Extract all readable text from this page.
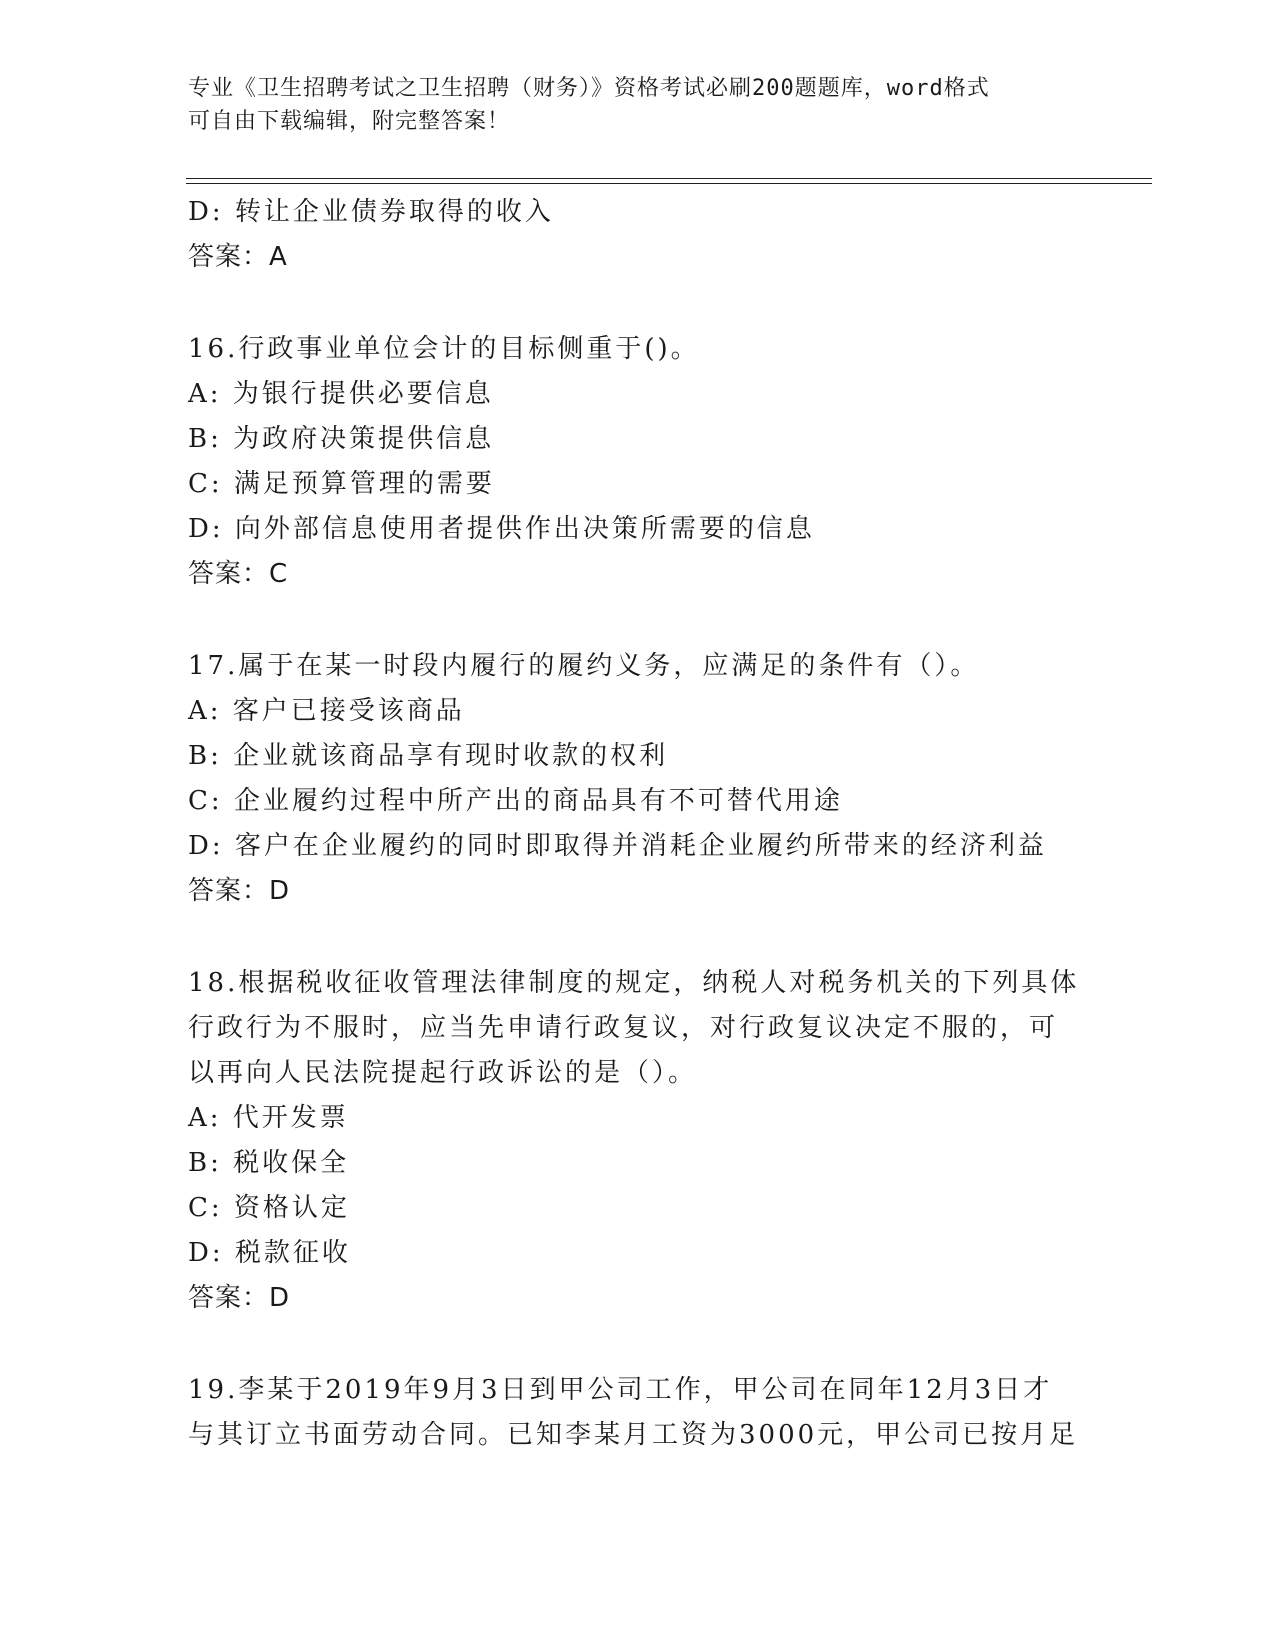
专业《卫生招聘考试之卫生招聘（财务）》资格考试必刷200题题库，word格式
可自由下载编辑，附完整答案！
D: 转让企业债券取得的收入
答案：A
16.行政事业单位会计的目标侧重于()。
A: 为银行提供必要信息
B: 为政府决策提供信息
C: 满足预算管理的需要
D: 向外部信息使用者提供作出决策所需要的信息
答案：C
17.属于在某一时段内履行的履约义务，应满足的条件有（）。
A: 客户已接受该商品
B: 企业就该商品享有现时收款的权利
C: 企业履约过程中所产出的商品具有不可替代用途
D: 客户在企业履约的同时即取得并消耗企业履约所带来的经济利益
答案：D
18.根据税收征收管理法律制度的规定，纳税人对税务机关的下列具体
行政行为不服时，应当先申请行政复议，对行政复议决定不服的，可
以再向人民法院提起行政诉讼的是（）。
A: 代开发票
B: 税收保全
C: 资格认定
D: 税款征收
答案：D
19.李某于2019年9月3日到甲公司工作，甲公司在同年12月3日才
与其订立书面劳动合同。已知李某月工资为3000元，甲公司已按月足
